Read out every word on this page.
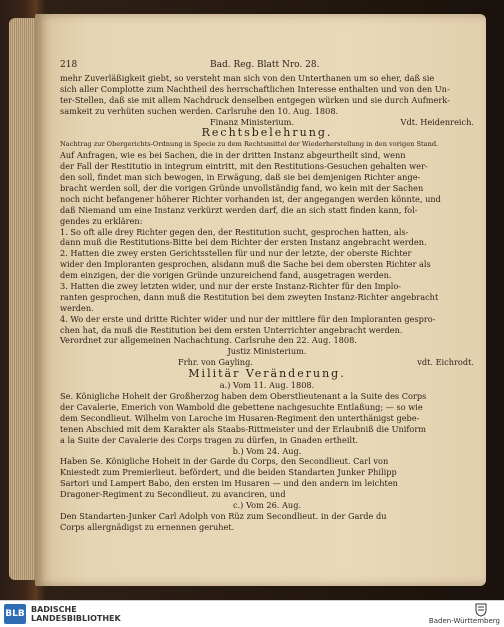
218	Bad. Reg. Blatt Nro. 28.
mehr Zuverläßigkeit giebt, so versteht man sich von den Unterthanen um so eher, daß sie
sich aller Complotte zum Nachtheil des herrschaftlichen Interesse enthalten und von den Un-
ter-Stellen, daß sie mit allem Nachdruck denselben entgegen würken und sie durch Aufmerk-
samkeit zu verhüten suchen werden. Carlsruhe den 10. Aug. 1808.
Finanz Ministerium.	Vdt. Heidenreich.
Rechtsbelehrung.
Nachtrag zur Obergerichts-Ordnung in Specie zu dem Rechtsmittel der Wiederherstellung in den vorigen Stand.
Auf Anfragen, wie es bei Sachen, die in der dritten Instanz abgeurtheilt sind, wenn
der Fall der Restitutio in integrum eintritt, mit den Restitutions-Gesuchen gehalten wer-
den soll, findet man sich bewogen, in Erwägung, daß sie bei demjenigen Richter ange-
bracht werden soll, der die vorigen Gründe unvollständig fand, wo kein mit der Sachen
noch nicht befangener höherer Richter vorhanden ist, der angegangen werden könnte, und
daß Niemand um eine Instanz verkürzt werden darf, die an sich statt finden kann, fol-
gendes zu erklären:
1. So oft alle drey Richter gegen den, der Restitution sucht, gesprochen hatten, als-
dann muß die Restitutions-Bitte bei dem Richter der ersten Instanz angebracht werden.
2. Hatten die zwey ersten Gerichtsstellen für und nur der letzte, der oberste Richter
wider den Imploranten gesprochen, alsdann muß die Sache bei dem obersten Richter als
dem einzigen, der die vorigen Gründe unzureichend fand, ausgetragen werden.
3. Hatten die zwey letzten wider, und nur der erste Instanz-Richter für den Implo-
ranten gesprochen, dann muß die Restitution bei dem zweyten Instanz-Richter angebracht
werden.
4. Wo der erste und dritte Richter wider und nur der mittlere für den Imploranten gespro-
chen hat, da muß die Restitution bei dem ersten Unterrichter angebracht werden.
Verordnet zur allgemeinen Nachachtung. Carlsruhe den 22. Aug. 1808.
Justiz Ministerium.
Frhr. von Gayling.	vdt. Eichrodt.
Militär Veränderung.
a.) Vom 11. Aug. 1808.
Se. Königliche Hoheit der Großherzog haben dem Oberstlieutenant a la Suite des Corps
der Cavalerie, Emerich von Wambold die gebettene nachgesuchte Entlaßung; — so wie
dem Secondlieut. Wilhelm von Laroche im Husaren-Regiment den unterthänigst gebe-
tenen Abschied mit dem Karakter als Staabs-Rittmeister und der Erlaubniß die Uniform
a la Suite der Cavalerie des Corps tragen zu dürfen, in Gnaden ertheilt.
b.) Vom 24. Aug.
Haben Se. Königliche Hoheit in der Garde du Corps, den Secondlieut. Carl von
Kniestedt zum Premierlieut. befördert, und die beiden Standarten Junker Philipp
Sartori und Lampert Babo, den ersten im Husaren — und den andern im leichten
Dragoner-Regiment zu Secondlieut. zu avanciren, und
c.) Vom 26. Aug.
Den Standarten-Junker Carl Adolph von Rüz zum Secondlieut. in der Garde du
Corps allergnädigst zu ernennen geruhet.
BLB BADISCHE
LANDESBIBLIOTHEK	Baden-Württemberg
